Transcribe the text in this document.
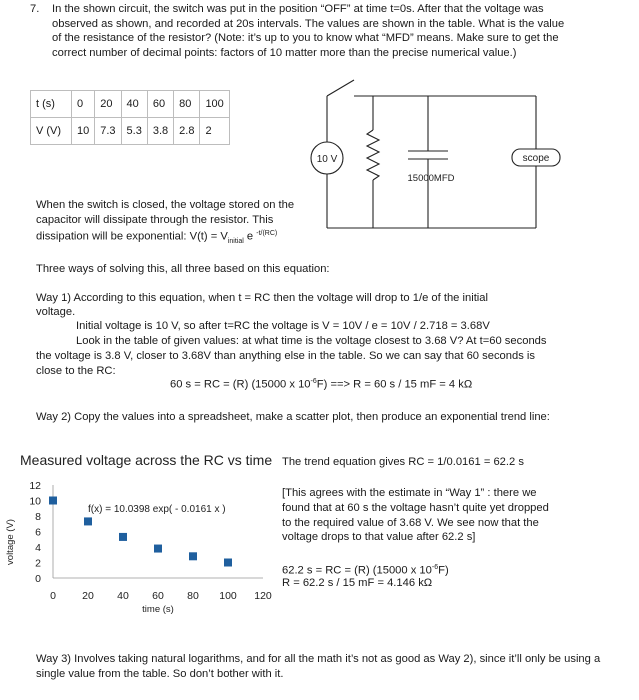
7. In the shown circuit, the switch was put in the position “OFF” at time t=0s. After that the voltage was observed as shown, and recorded at 20s intervals. The values are shown in the table. What is the value of the resistance of the resistor? (Note: it’s up to you to know what “MFD” means. Make sure to get the correct number of decimal points: factors of 10 matter more than the precise numerical value.)
t (s)	0	20	40	60	80	100
V (V)	10	7.3	5.3	3.8	2.8	2
10 V
15000MFD
scope
When the switch is closed, the voltage stored on the
capacitor will dissipate through the resistor. This
dissipation will be exponential: $V(t) = V_{initial}$ e $^{-t/(RC)}$
Three ways of solving this, all three based on this equation:
Way 1) According to this equation, when t = RC then the voltage will drop to 1/e of the initial
voltage.
Initial voltage is 10 V, so after t=RC the voltage is V = 10V / e = 10V / 2.718 = 3.68V
Look in the table of given values: at what time is the voltage closest to 3.68 V? At t=60 seconds
the voltage is 3.8 V, closer to 3.68V than anything else in the table. So we can say that 60 seconds is
close to the RC:
60 s = RC = (R) (15000 x $10^{-6}F$) ==> R = 60 s / 15 mF = 4 kΩ
Way 2) Copy the values into a spreadsheet, make a scatter plot, then produce an exponential trend line:
Measured voltage across the RC vs time
0
2
4
6
8
10
12
0 20 40 60 80 100 120
f(x) = 10.0398 exp( - 0.0161 x )
voltage (V)
time (s)
The trend equation gives RC = 1/0.0161 = 62.2 s
[This agrees with the estimate in “Way 1” : there we
found that at 60 s the voltage hasn’t quite yet dropped
to the required value of 3.68 V. We see now that the
voltage drops to that value after 62.2 s]
62.2 s = RC = (R) (15000 x $10^{-6}F$)
R = 62.2 s / 15 mF = 4.146 kΩ
Way 3) Involves taking natural logarithms, and for all the math it’s not as good as Way 2), since it’ll only be using a single value from the table. So don’t bother with it.
